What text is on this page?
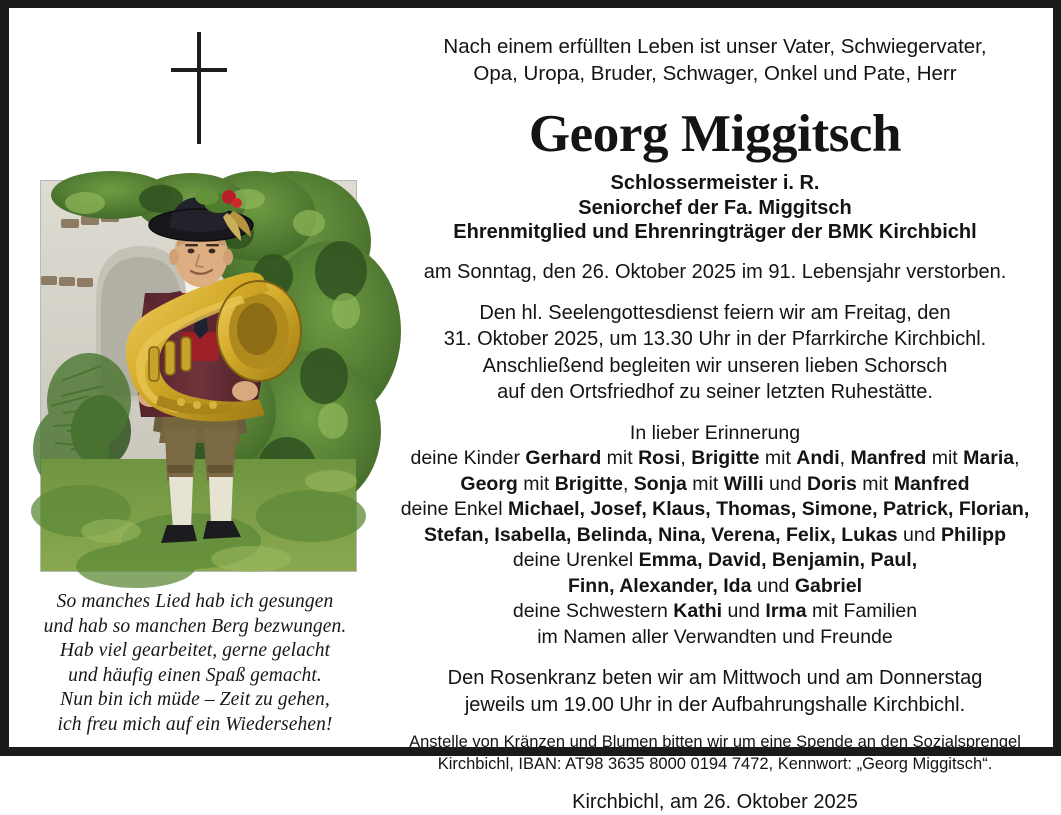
So manches Lied hab ich gesungen
und hab so manchen Berg bezwungen.
Hab viel gearbeitet, gerne gelacht
und häufig einen Spaß gemacht.
Nun bin ich müde – Zeit zu gehen,
ich freu mich auf ein Wiedersehen!
Nach einem erfüllten Leben ist unser Vater, Schwiegervater,
Opa, Uropa, Bruder, Schwager, Onkel und Pate, Herr
Georg Miggitsch
Schlossermeister i. R.
Seniorchef der Fa. Miggitsch
Ehrenmitglied und Ehrenringträger der BMK Kirchbichl
am Sonntag, den 26. Oktober 2025 im 91. Lebensjahr verstorben.
Den hl. Seelengottesdienst feiern wir am Freitag, den
31. Oktober 2025, um 13.30 Uhr in der Pfarrkirche Kirchbichl.
Anschließend begleiten wir unseren lieben Schorsch
auf den Ortsfriedhof zu seiner letzten Ruhestätte.
In lieber Erinnerung
deine Kinder Gerhard mit Rosi, Brigitte mit Andi, Manfred mit Maria,
Georg mit Brigitte, Sonja mit Willi und Doris mit Manfred
deine Enkel Michael, Josef, Klaus, Thomas, Simone, Patrick, Florian,
Stefan, Isabella, Belinda, Nina, Verena, Felix, Lukas und Philipp
deine Urenkel Emma, David, Benjamin, Paul,
Finn, Alexander, Ida und Gabriel
deine Schwestern Kathi und Irma mit Familien
im Namen aller Verwandten und Freunde
Den Rosenkranz beten wir am Mittwoch und am Donnerstag
jeweils um 19.00 Uhr in der Aufbahrungshalle Kirchbichl.
Anstelle von Kränzen und Blumen bitten wir um eine Spende an den Sozialsprengel
Kirchbichl, IBAN: AT98 3635 8000 0194 7472, Kennwort: „Georg Miggitsch“.
Kirchbichl, am 26. Oktober 2025
